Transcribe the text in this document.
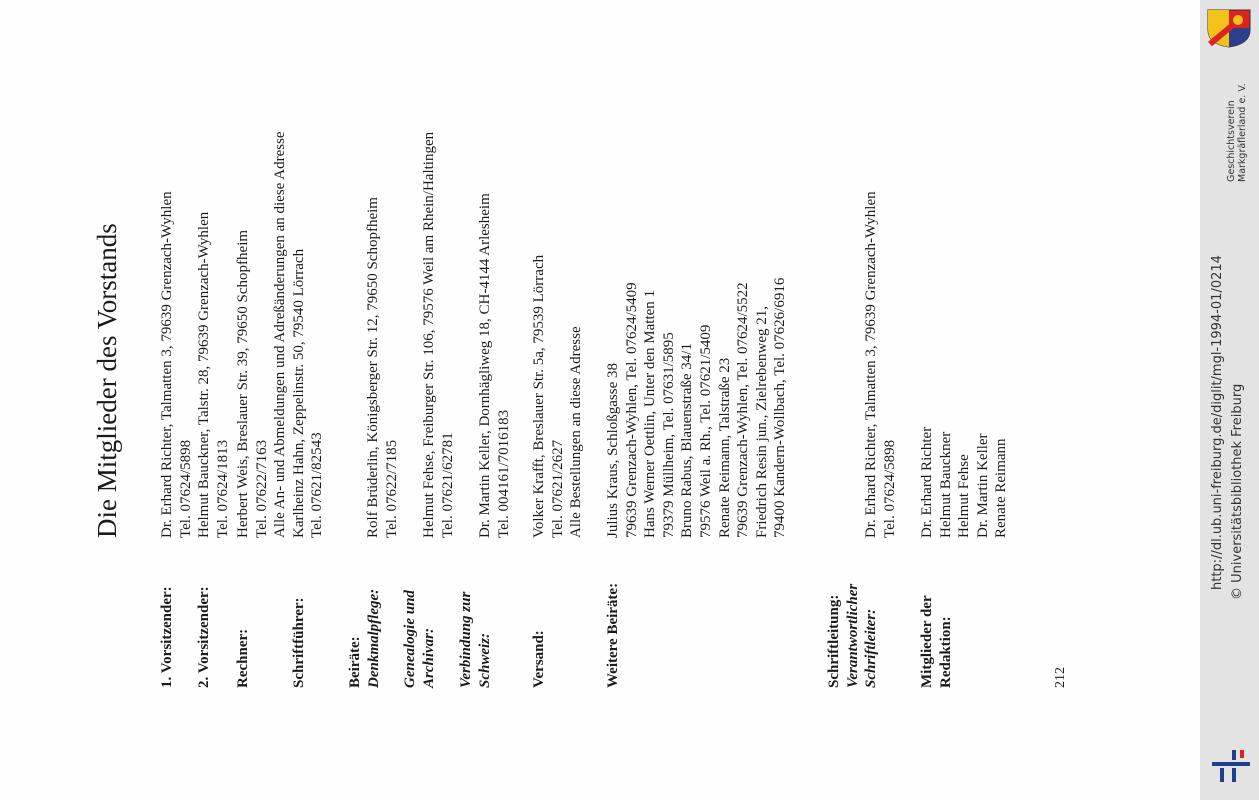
Die Mitglieder des Vorstands
1. Vorsitzender:
Dr. Erhard Richter, Talmatten 3, 79639 Grenzach-Wyhlen Tel. 07624/5898
2. Vorsitzender:
Helmut Bauckner, Talstr. 28, 79639 Grenzach-Wyhlen Tel. 07624/1813
Rechner:
Herbert Weis, Breslauer Str. 39, 79650 Schopfheim Tel. 07622/7163
Schriftführer:
Alle An- und Abmeldungen und Adreßänderungen an diese Adresse Karlheinz Hahn, Zeppelinstr. 50, 79540 Lörrach Tel. 07621/82543
Beiräte: Denkmalpflege:
Rolf Brüderlin, Königsberger Str. 12, 79650 Schopfheim Tel. 07622/7185
Genealogie und Archivar:
Helmut Fehse, Freiburger Str. 106, 79576 Weil am Rhein/Haltingen Tel. 07621/62781
Verbindung zur Schweiz:
Dr. Martin Keller, Dornhägliweg 18, CH-4144 Arlesheim Tel. 004161/7016183
Versand:
Volker Krafft, Breslauer Str. 5a, 79539 Lörrach Tel. 07621/2627 Alle Bestellungen an diese Adresse
Weitere Beiräte:
Julius Kraus, Schloßgasse 38 79639 Grenzach-Wyhlen, Tel. 07624/5409 Hans Werner Oettlin, Unter den Matten 1 79379 Müllheim, Tel. 07631/5895 Bruno Rabus, Blauenstraße 34/1 79576 Weil a. Rh., Tel. 07621/5409 Renate Reimann, Talstraße 23 79639 Grenzach-Wyhlen, Tel. 07624/5522 Friedrich Resin jun., Zielrebenweg 21, 79400 Kandern-Wollbach, Tel. 07626/6916
Schriftleitung: Verantwortlicher Schriftleiter:
Dr. Erhard Richter, Talmatten 3, 79639 Grenzach-Wyhlen Tel. 07624/5898
Mitglieder der Redaktion:
Dr. Erhard Richter Helmut Bauckner Helmut Fehse Dr. Martin Keller Renate Reimann
212
http://dl.ub.uni-freiburg.de/diglit/mgl-1994-01/0214 © Universitätsbibliothek Freiburg
Geschichtsverein Markgräflerland e. V.
